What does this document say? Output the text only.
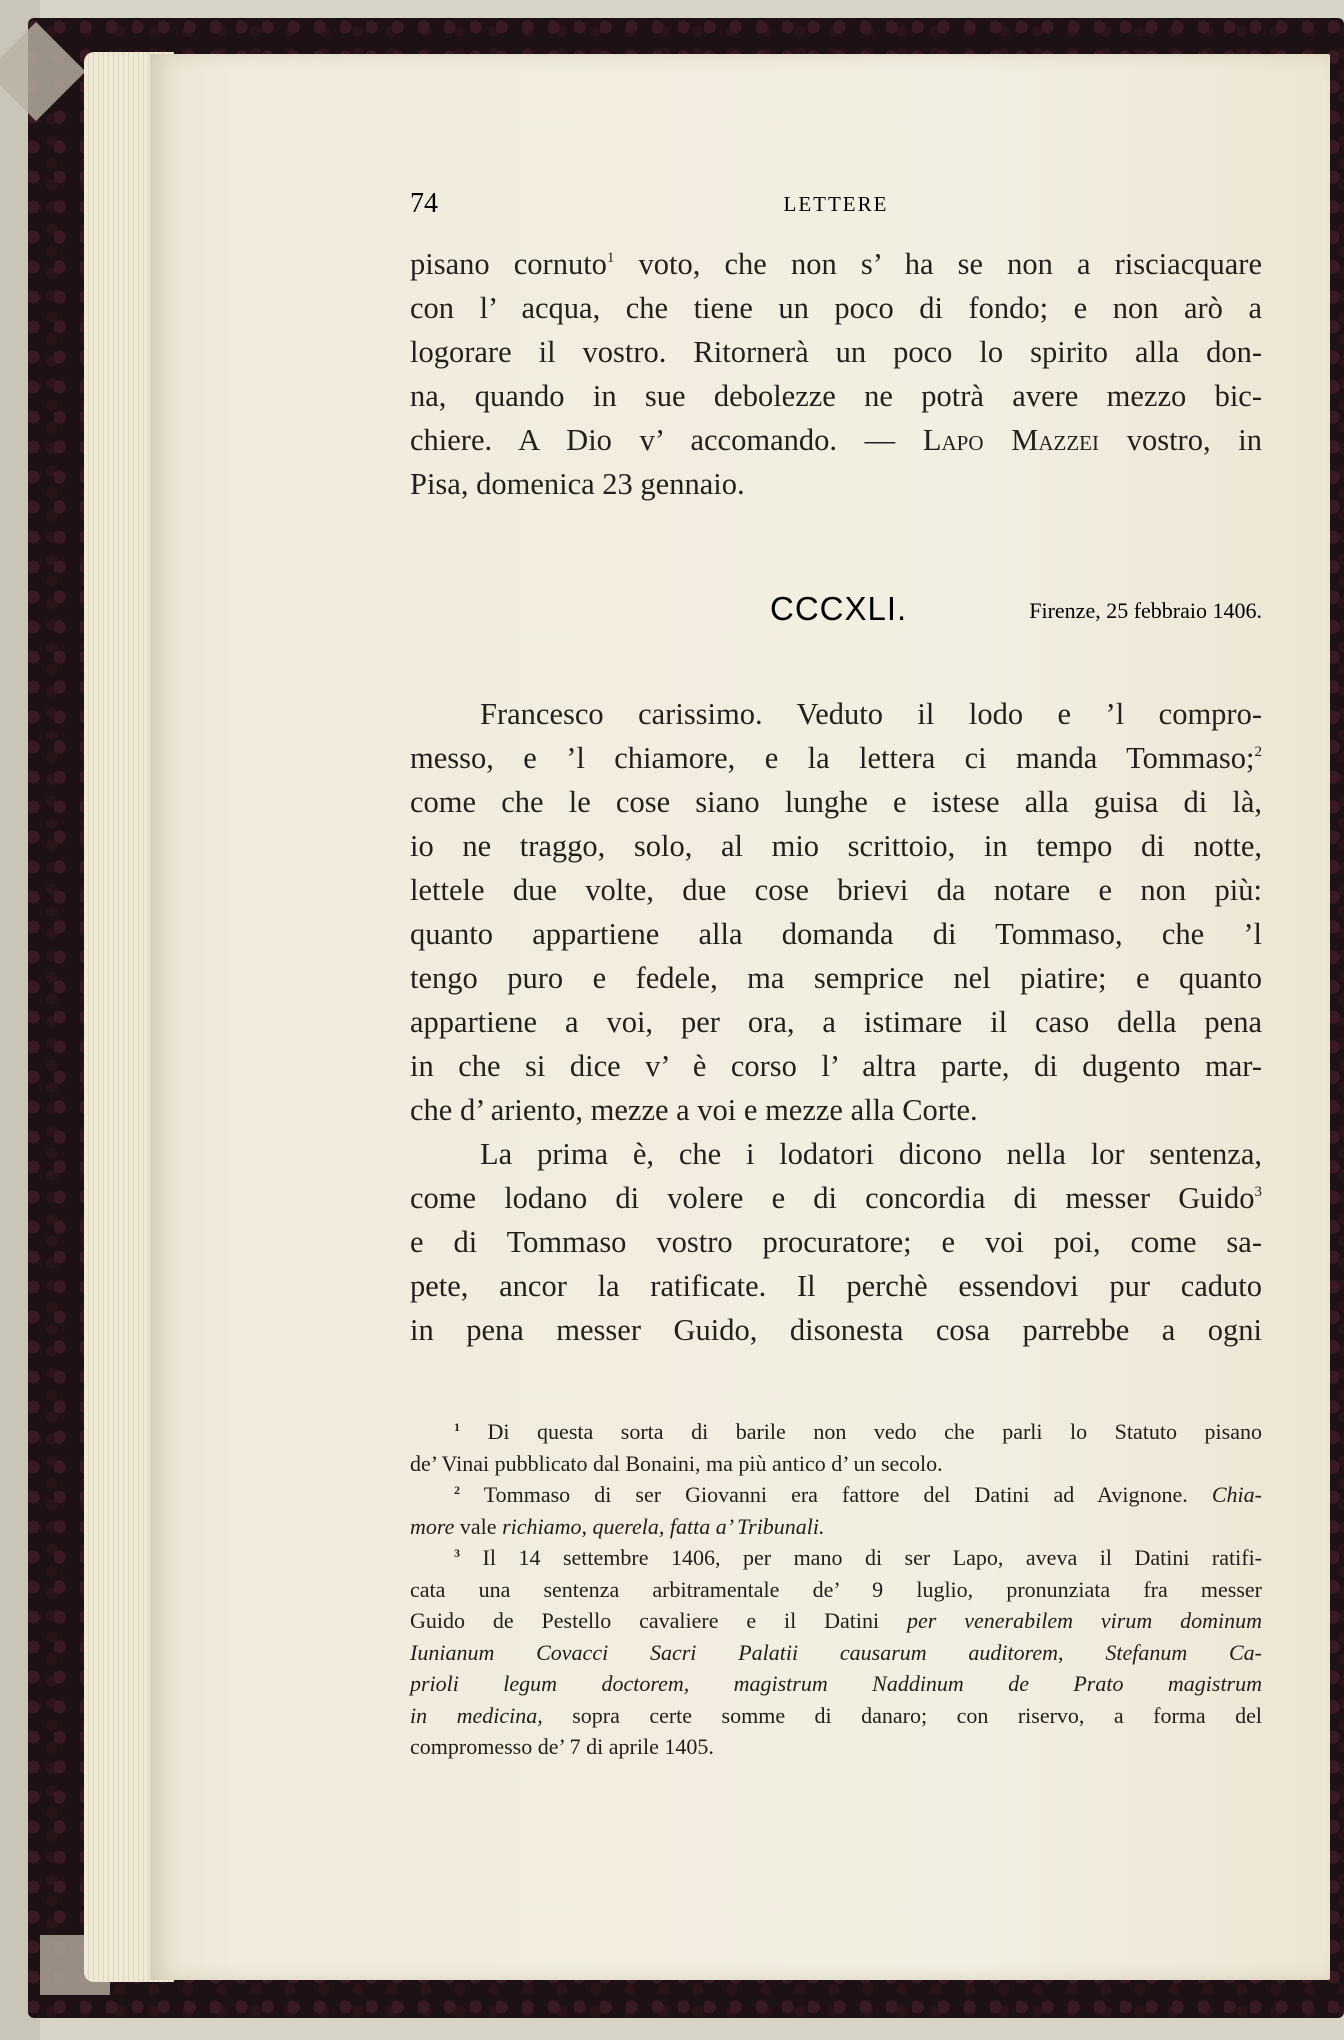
74	LETTERE
pisano cornuto$^1$ voto, che non s’ ha se non a risciacquare
con l’ acqua, che tiene un poco di fondo; e non arò a
logorare il vostro. Ritornerà un poco lo spirito alla don-
na, quando in sue debolezze ne potrà avere mezzo bic-
chiere. A Dio v’ accomando. — Lapo Mazzei vostro, in
Pisa, domenica 23 gennaio.
CCCXLI.	Firenze, 25 febbraio 1406.
Francesco carissimo. Veduto il lodo e ’l compro-
messo, e ’l chiamore, e la lettera ci manda Tommaso;$^2$
come che le cose siano lunghe e istese alla guisa di là,
io ne traggo, solo, al mio scrittoio, in tempo di notte,
lettele due volte, due cose brievi da notare e non più:
quanto appartiene alla domanda di Tommaso, che ’l
tengo puro e fedele, ma semprice nel piatire; e quanto
appartiene a voi, per ora, a istimare il caso della pena
in che si dice v’ è corso l’ altra parte, di dugento mar-
che d’ ariento, mezze a voi e mezze alla Corte.
La prima è, che i lodatori dicono nella lor sentenza,
come lodano di volere e di concordia di messer Guido$^3$
e di Tommaso vostro procuratore; e voi poi, come sa-
pete, ancor la ratificate. Il perchè essendovi pur caduto
in pena messer Guido, disonesta cosa parrebbe a ogni
$^1$ Di questa sorta di barile non vedo che parli lo Statuto pisano
de’ Vinai pubblicato dal Bonaini, ma più antico d’ un secolo.
$^2$ Tommaso di ser Giovanni era fattore del Datini ad Avignone. Chia-
more vale richiamo, querela, fatta a’ Tribunali.
$^3$ Il 14 settembre 1406, per mano di ser Lapo, aveva il Datini ratifi-
cata una sentenza arbitramentale de’ 9 luglio, pronunziata fra messer
Guido de Pestello cavaliere e il Datini per venerabilem virum dominum
Iunianum Covacci Sacri Palatii causarum auditorem, Stefanum Ca-
prioli legum doctorem, magistrum Naddinum de Prato magistrum
in medicina, sopra certe somme di danaro; con riservo, a forma del
compromesso de’ 7 di aprile 1405.
